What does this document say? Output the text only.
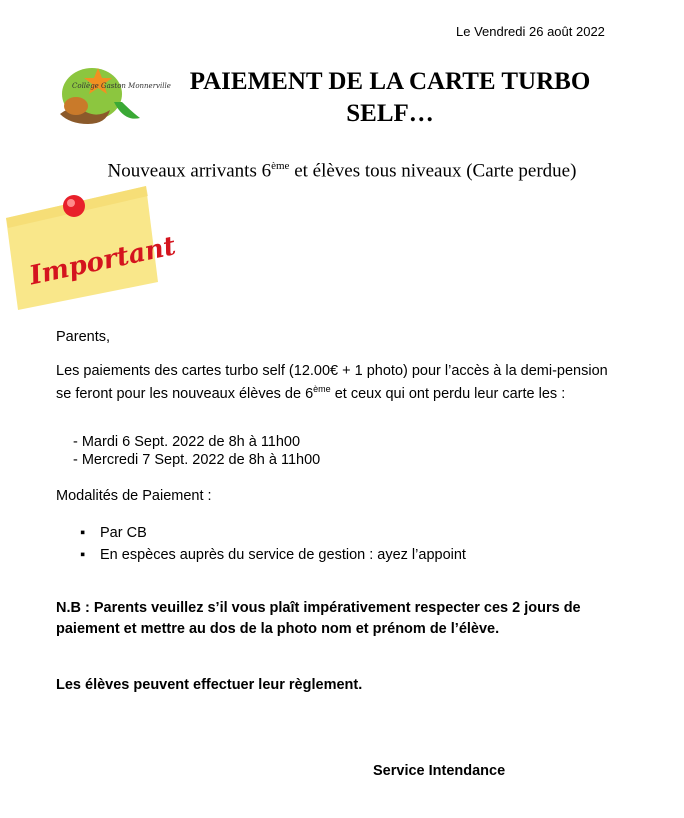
Le Vendredi 26 août 2022
Collège Gaston Monnerville PAIEMENT DE LA CARTE TURBO SELF…
Nouveaux arrivants 6ème et élèves tous niveaux (Carte perdue)
Important
Parents,
Les paiements des cartes turbo self (12.00€ + 1 photo) pour l’accès à la demi-pension se feront pour les nouveaux élèves de 6ème et ceux qui ont perdu leur carte les :
- Mardi 6 Sept. 2022 de 8h à 11h00
- Mercredi 7 Sept. 2022 de 8h à 11h00
Modalités de Paiement :
▪ Par CB
▪ En espèces auprès du service de gestion : ayez l’appoint
N.B : Parents veuillez s’il vous plaît impérativement respecter ces 2 jours de paiement et mettre au dos de la photo nom et prénom de l’élève.
Les élèves peuvent effectuer leur règlement.
Service Intendance
